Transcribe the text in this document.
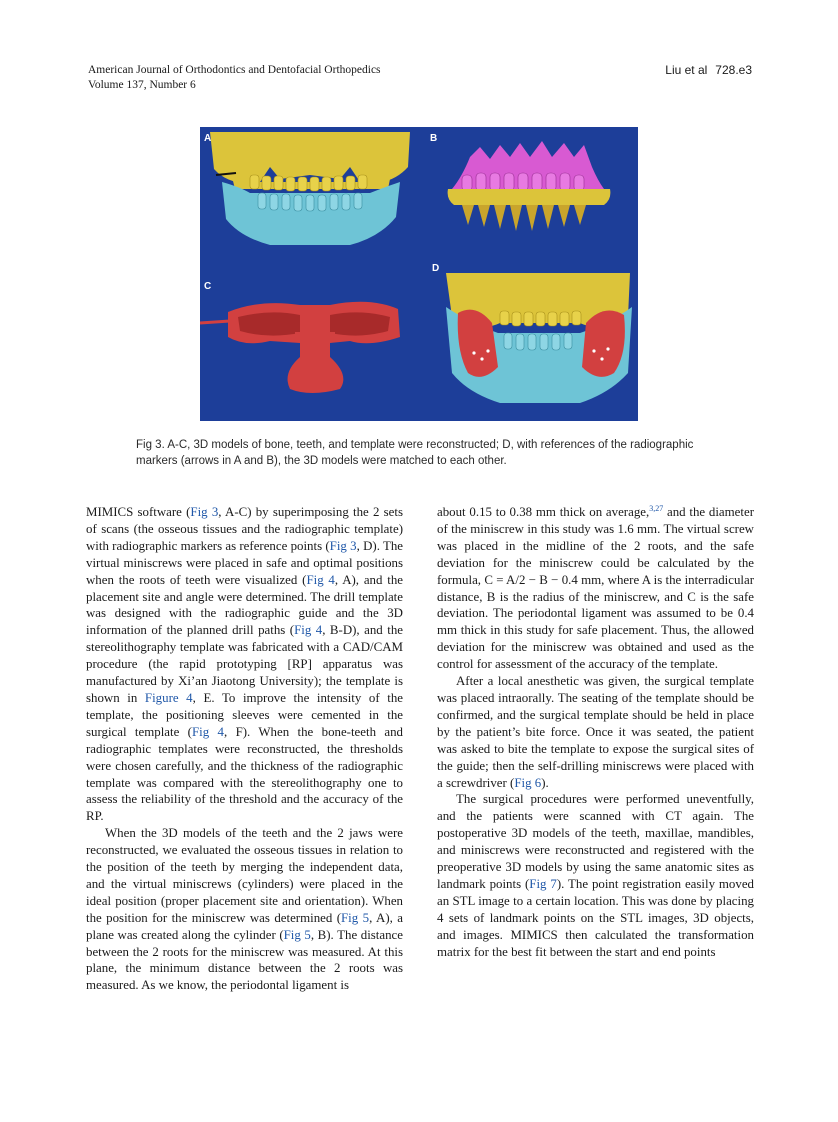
American Journal of Orthodontics and Dentofacial Orthopedics
Volume 137, Number 6
Liu et al 728.e3
A	B
C
D
Fig 3. A-C, 3D models of bone, teeth, and template were reconstructed; D, with references of the radiographic markers (arrows in A and B), the 3D models were matched to each other.

MIMICS software (Fig 3, A-C) by superimposing the 2 sets of scans (the osseous tissues and the radiographic template) with radiographic markers as reference points (Fig 3, D). The virtual miniscrews were placed in safe and optimal positions when the roots of teeth were visualized (Fig 4, A), and the placement site and angle were determined. The drill template was designed with the radiographic guide and the 3D information of the planned drill paths (Fig 4, B-D), and the stereolithography template was fabricated with a CAD/CAM procedure (the rapid prototyping [RP] apparatus was manufactured by Xi’an Jiaotong University); the template is shown in Figure 4, E. To improve the intensity of the template, the positioning sleeves were cemented in the surgical template (Fig 4, F). When the bone-teeth and radiographic templates were reconstructed, the thresholds were chosen carefully, and the thickness of the radiographic template was compared with the stereolithography one to assess the reliability of the threshold and the accuracy of the RP.

When the 3D models of the teeth and the 2 jaws were reconstructed, we evaluated the osseous tissues in relation to the position of the teeth by merging the independent data, and the virtual miniscrews (cylinders) were placed in the ideal position (proper placement site and orientation). When the position for the miniscrew was determined (Fig 5, A), a plane was created along the cylinder (Fig 5, B). The distance between the 2 roots for the miniscrew was measured. At this plane, the minimum distance between the 2 roots was measured. As we know, the periodontal ligament is

about 0.15 to 0.38 mm thick on average,$^{3,27}$ and the diameter of the miniscrew in this study was 1.6 mm. The virtual screw was placed in the midline of the 2 roots, and the safe deviation for the miniscrew could be calculated by the formula, C = A/2 − B − 0.4 mm, where A is the interradicular distance, B is the radius of the miniscrew, and C is the safe deviation. The periodontal ligament was assumed to be 0.4 mm thick in this study for safe placement. Thus, the allowed deviation for the miniscrew was obtained and used as the control for assessment of the accuracy of the template.

After a local anesthetic was given, the surgical template was placed intraorally. The seating of the template should be confirmed, and the surgical template should be held in place by the patient’s bite force. Once it was seated, the patient was asked to bite the template to expose the surgical sites of the guide; then the self-drilling miniscrews were placed with a screwdriver (Fig 6).

The surgical procedures were performed uneventfully, and the patients were scanned with CT again. The postoperative 3D models of the teeth, maxillae, mandibles, and miniscrews were reconstructed and registered with the preoperative 3D models by using the same anatomic sites as landmark points (Fig 7). The point registration easily moved an STL image to a certain location. This was done by placing 4 sets of landmark points on the STL images, 3D objects, and images. MIMICS then calculated the transformation matrix for the best fit between the start and end points
